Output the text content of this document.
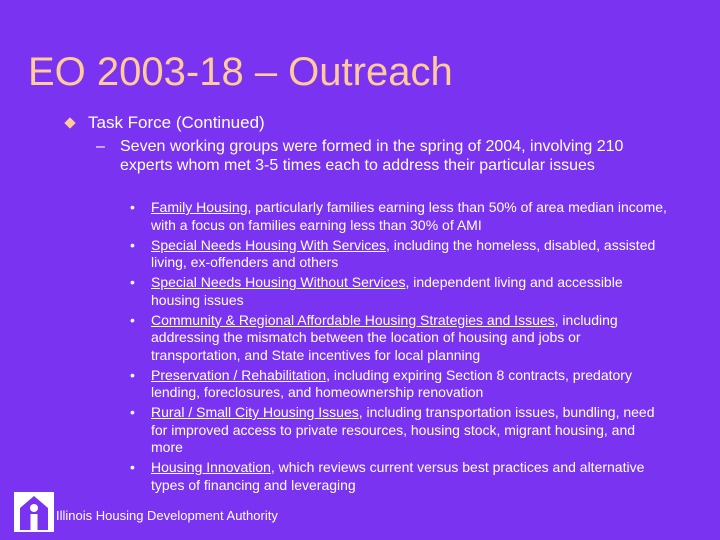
EO 2003-18 – Outreach
Task Force (Continued)
– Seven working groups were formed in the spring of 2004, involving 210 experts whom met 3-5 times each to address their particular issues
•	Family Housing, particularly families earning less than 50% of area median income, with a focus on families earning less than 30% of AMI
•	Special Needs Housing With Services, including the homeless, disabled, assisted living, ex-offenders and others
•	Special Needs Housing Without Services, independent living and accessible housing issues
•	Community & Regional Affordable Housing Strategies and Issues, including addressing the mismatch between the location of housing and jobs or transportation, and State incentives for local planning
•	Preservation / Rehabilitation, including expiring Section 8 contracts, predatory lending, foreclosures, and homeownership renovation
•	Rural / Small City Housing Issues, including transportation issues, bundling, need for improved access to private resources, housing stock, migrant housing, and more
•	Housing Innovation, which reviews current versus best practices and alternative types of financing and leveraging
Illinois Housing Development Authority
